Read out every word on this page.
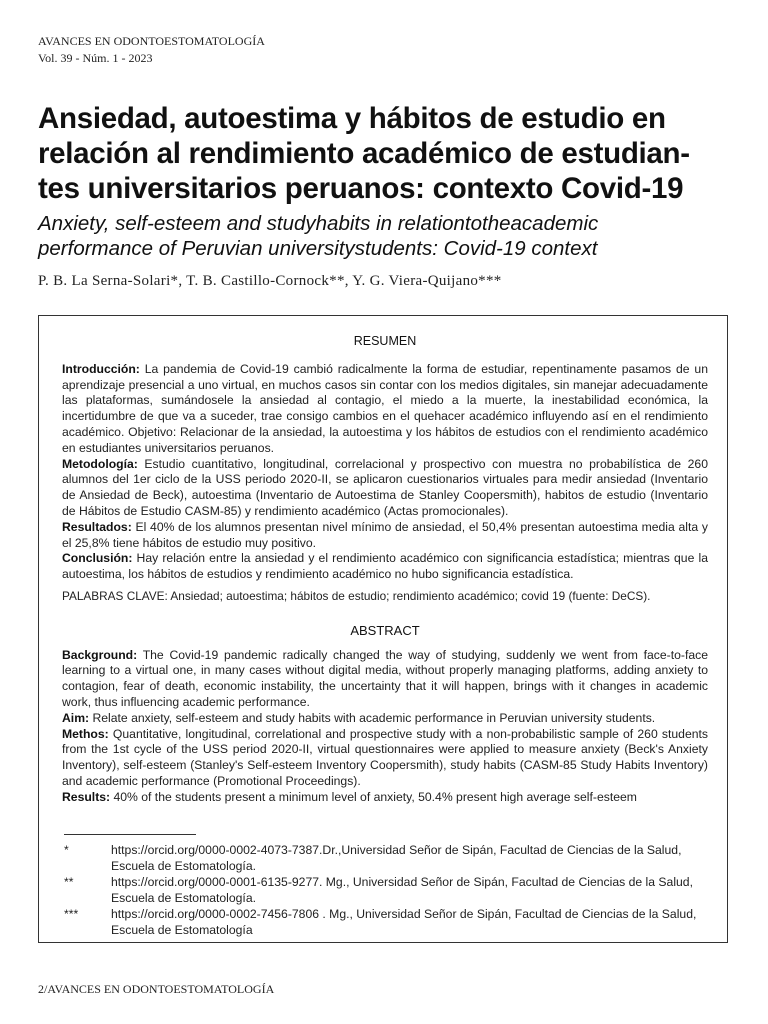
AVANCES EN ODONTOESTOMATOLOGÍA
Vol. 39 - Núm. 1 - 2023
Ansiedad, autoestima y hábitos de estudio en
relación al rendimiento académico de estudian-
tes universitarios peruanos: contexto Covid-19
Anxiety, self-esteem and studyhabits in relationtotheacademic
performance of Peruvian universitystudents: Covid-19 context
P. B. La Serna-Solari*, T. B. Castillo-Cornock**, Y. G. Viera-Quijano***
RESUMEN

Introducción: La pandemia de Covid-19 cambió radicalmente la forma de estudiar, repentinamente pasamos de un aprendizaje presencial a uno virtual, en muchos casos sin contar con los medios digitales, sin manejar adecuadamente las plataformas, sumándosele la ansiedad al contagio, el miedo a la muerte, la inestabilidad económica, la incertidumbre de que va a suceder, trae consigo cambios en el quehacer académico influyendo así en el rendimiento académico. Objetivo: Relacionar de la ansiedad, la autoestima y los hábitos de estudios con el rendimiento académico en estudiantes universitarios peruanos.

Metodología: Estudio cuantitativo, longitudinal, correlacional y prospectivo con muestra no probabilística de 260 alumnos del 1er ciclo de la USS periodo 2020-II, se aplicaron cuestionarios virtuales para medir ansiedad (Inventario de Ansiedad de Beck), autoestima (Inventario de Autoestima de Stanley Coopersmith), habitos de estudio (Inventario de Hábitos de Estudio CASM-85) y rendimiento académico (Actas promocionales).

Resultados: El 40% de los alumnos presentan nivel mínimo de ansiedad, el 50,4% presentan autoestima media alta y el 25,8% tiene hábitos de estudio muy positivo.

Conclusión: Hay relación entre la ansiedad y el rendimiento académico con significancia estadística; mientras que la autoestima, los hábitos de estudios y rendimiento académico no hubo significancia estadística.

PALABRAS CLAVE: Ansiedad; autoestima; hábitos de estudio; rendimiento académico; covid 19 (fuente: DeCS).

ABSTRACT

Background: The Covid-19 pandemic radically changed the way of studying, suddenly we went from face-to-face learning to a virtual one, in many cases without digital media, without properly managing platforms, adding anxiety to contagion, fear of death, economic instability, the uncertainty that it will happen, brings with it changes in academic work, thus influencing academic performance.

Aim: Relate anxiety, self-esteem and study habits with academic performance in Peruvian university students.

Methos: Quantitative, longitudinal, correlational and prospective study with a non-probabilistic sample of 260 students from the 1st cycle of the USS period 2020-II, virtual questionnaires were applied to measure anxiety (Beck's Anxiety Inventory), self-esteem (Stanley's Self-esteem Inventory Coopersmith), study habits (CASM-85 Study Habits Inventory) and academic performance (Promotional Proceedings).

Results: 40% of the students present a minimum level of anxiety, 50.4% present high average self-esteem

*	https://orcid.org/0000-0002-4073-7387.Dr.,Universidad Señor de Sipán, Facultad de Ciencias de la Salud, Escuela de Estomatología.
**	https://orcid.org/0000-0001-6135-9277. Mg., Universidad Señor de Sipán, Facultad de Ciencias de la Salud, Escuela de Estomatología.
***	https://orcid.org/0000-0002-7456-7806 . Mg., Universidad Señor de Sipán, Facultad de Ciencias de la Salud, Escuela de Estomatología
2/AVANCES EN ODONTOESTOMATOLOGÍA
